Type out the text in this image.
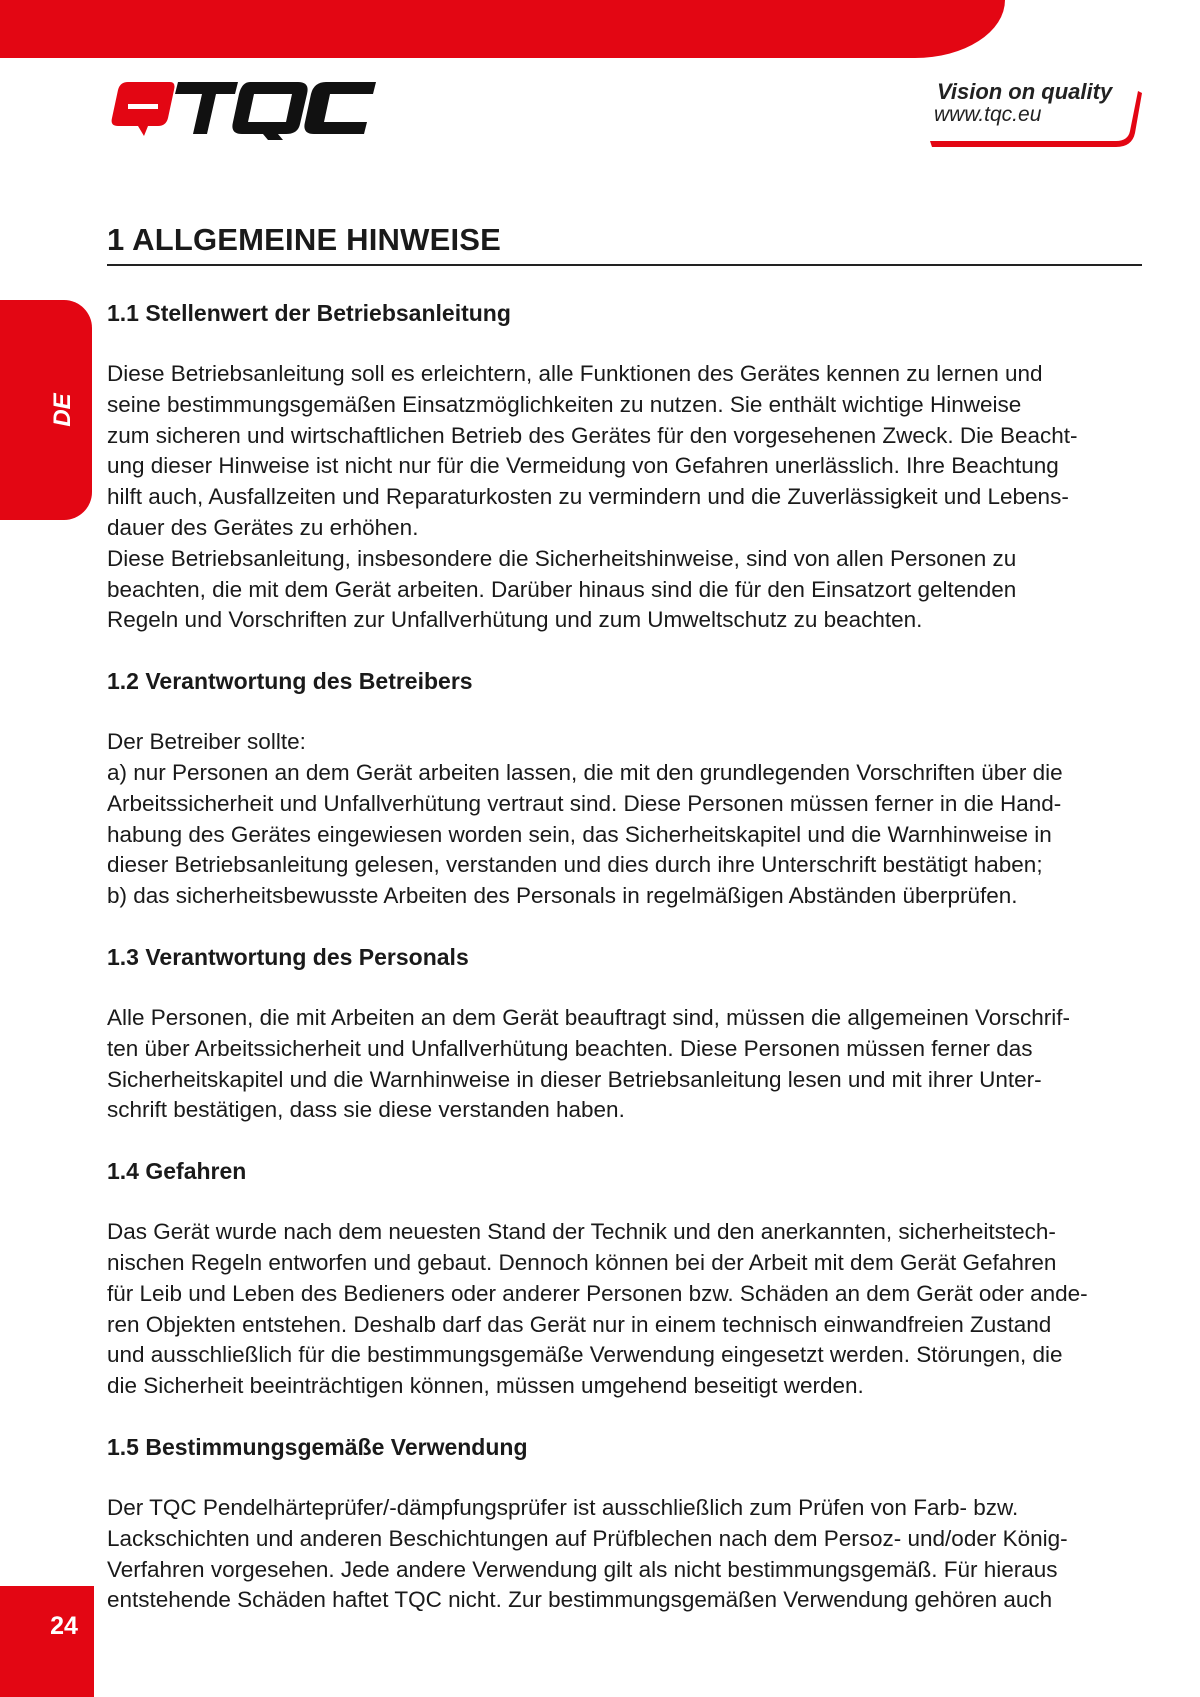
Vision on quality
www.tqc.eu
DE
24
1 ALLGEMEINE HINWEISE
1.1 Stellenwert der Betriebsanleitung

Diese Betriebsanleitung soll es erleichtern, alle Funktionen des Gerätes kennen zu lernen und
seine bestimmungsgemäßen Einsatzmöglichkeiten zu nutzen. Sie enthält wichtige Hinweise
zum sicheren und wirtschaftlichen Betrieb des Gerätes für den vorgesehenen Zweck. Die Beacht-
ung dieser Hinweise ist nicht nur für die Vermeidung von Gefahren unerlässlich. Ihre Beachtung
hilft auch, Ausfallzeiten und Reparaturkosten zu vermindern und die Zuverlässigkeit und Lebens-
dauer des Gerätes zu erhöhen.
Diese Betriebsanleitung, insbesondere die Sicherheitshinweise, sind von allen Personen zu
beachten, die mit dem Gerät arbeiten. Darüber hinaus sind die für den Einsatzort geltenden
Regeln und Vorschriften zur Unfallverhütung und zum Umweltschutz zu beachten.

1.2 Verantwortung des Betreibers

Der Betreiber sollte:
a) nur Personen an dem Gerät arbeiten lassen, die mit den grundlegenden Vorschriften über die
Arbeitssicherheit und Unfallverhütung vertraut sind. Diese Personen müssen ferner in die Hand-
habung des Gerätes eingewiesen worden sein, das Sicherheitskapitel und die Warnhinweise in
dieser Betriebsanleitung gelesen, verstanden und dies durch ihre Unterschrift bestätigt haben;
b) das sicherheitsbewusste Arbeiten des Personals in regelmäßigen Abständen überprüfen.

1.3 Verantwortung des Personals

Alle Personen, die mit Arbeiten an dem Gerät beauftragt sind, müssen die allgemeinen Vorschrif-
ten über Arbeitssicherheit und Unfallverhütung beachten. Diese Personen müssen ferner das
Sicherheitskapitel und die Warnhinweise in dieser Betriebsanleitung lesen und mit ihrer Unter-
schrift bestätigen, dass sie diese verstanden haben.

1.4 Gefahren

Das Gerät wurde nach dem neuesten Stand der Technik und den anerkannten, sicherheitstech-
nischen Regeln entworfen und gebaut. Dennoch können bei der Arbeit mit dem Gerät Gefahren
für Leib und Leben des Bedieners oder anderer Personen bzw. Schäden an dem Gerät oder ande-
ren Objekten entstehen. Deshalb darf das Gerät nur in einem technisch einwandfreien Zustand
und ausschließlich für die bestimmungsgemäße Verwendung eingesetzt werden. Störungen, die
die Sicherheit beeinträchtigen können, müssen umgehend beseitigt werden.

1.5 Bestimmungsgemäße Verwendung

Der TQC Pendelhärteprüfer/-dämpfungsprüfer ist ausschließlich zum Prüfen von Farb- bzw.
Lackschichten und anderen Beschichtungen auf Prüfblechen nach dem Persoz- und/oder König-
Verfahren vorgesehen. Jede andere Verwendung gilt als nicht bestimmungsgemäß. Für hieraus
entstehende Schäden haftet TQC nicht. Zur bestimmungsgemäßen Verwendung gehören auch
